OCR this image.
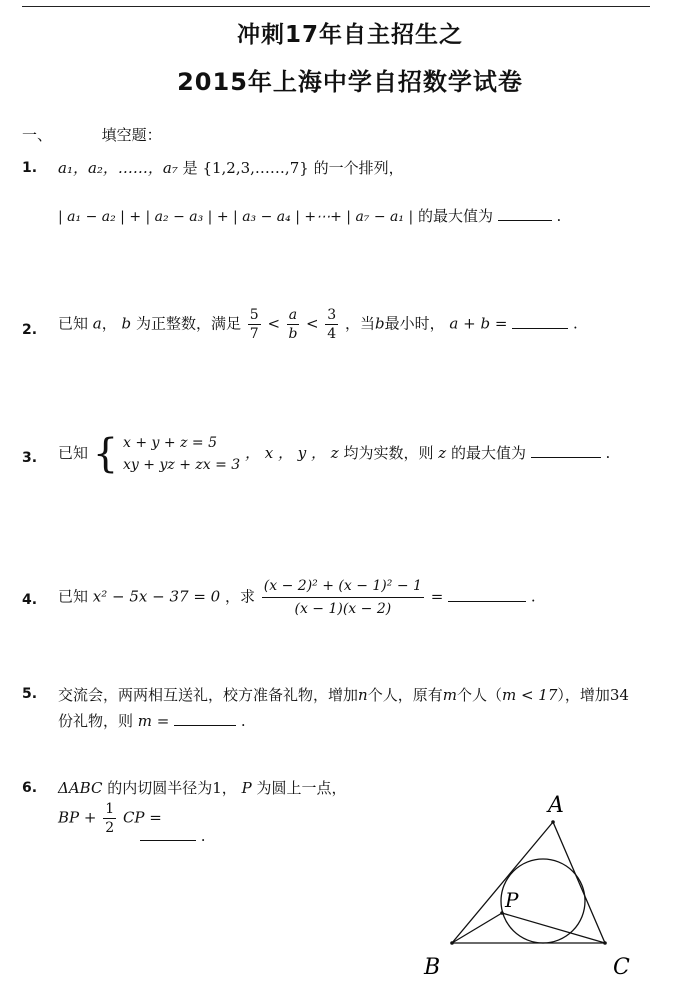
冲刺17年自主招生之
2015年上海中学自招数学试卷
一、	填空题：
1. a₁，a₂，……，a₇ 是 {1,2,3,……,7} 的一个排列，
| a₁ − a₂ | + | a₂ − a₃ | + | a₃ − a₄ | +⋯+ | a₇ − a₁ | 的最大值为	.
2. 已知 a， b 为正整数，满足 $\frac{5}{7} < \frac{a}{b} < \frac{3}{4}$ ，当b最小时， a + b =	.
3. 已知 { x + y + z = 5
xy + yz + zx = 3
， x ， y ， z 均为实数，则 z 的最大值为	.
4. 已知 x² − 5x − 37 = 0 ，求 $\frac{\text{(x − 2)² + (x − 1)² − 1}}{(x - 1)(x - 2)}$ =	.
5. 交流会，两两相互送礼，校方准备礼物，增加n个人，原有m个人（m < 17），增加34
份礼物，则 m =	.
6. ΔABC 的内切圆半径为1， P 为圆上一点，
BP + $\frac{1}{2}$ CP =
.
A
B	C
P
